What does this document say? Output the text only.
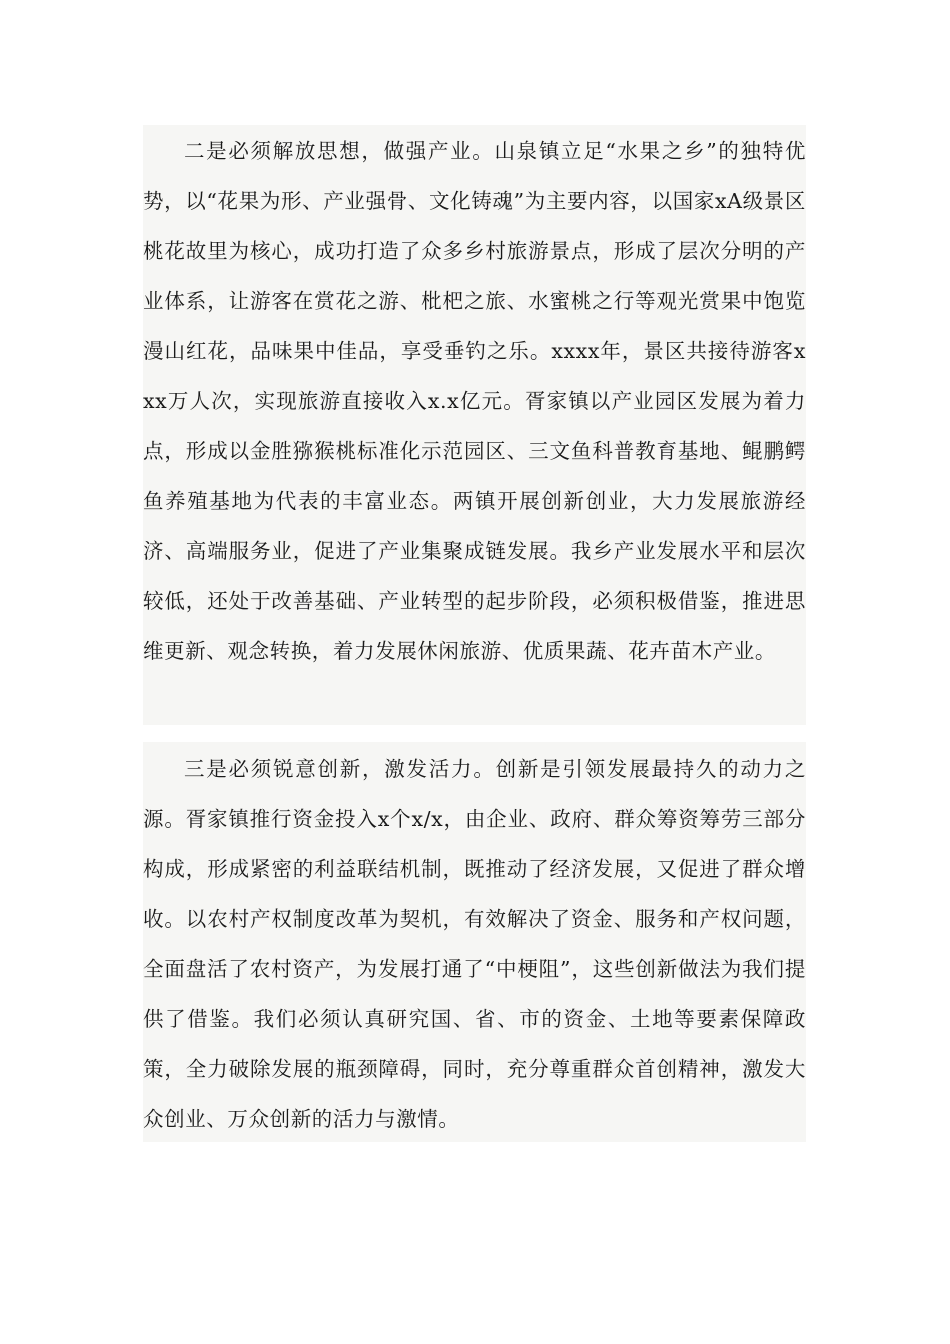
二是必须解放思想，做强产业。山泉镇立足“水果之乡”的独特优势，以“花果为形、产业强骨、文化铸魂”为主要内容，以国家xA级景区桃花故里为核心，成功打造了众多乡村旅游景点，形成了层次分明的产业体系，让游客在赏花之游、枇杷之旅、水蜜桃之行等观光赏果中饱览漫山红花，品味果中佳品，享受垂钓之乐。xxxx年，景区共接待游客xxx万人次，实现旅游直接收入x.x亿元。胥家镇以产业园区发展为着力点，形成以金胜猕猴桃标准化示范园区、三文鱼科普教育基地、鲲鹏鳄鱼养殖基地为代表的丰富业态。两镇开展创新创业，大力发展旅游经济、高端服务业，促进了产业集聚成链发展。我乡产业发展水平和层次较低，还处于改善基础、产业转型的起步阶段，必须积极借鉴，推进思维更新、观念转换，着力发展休闲旅游、优质果蔬、花卉苗木产业。

三是必须锐意创新，激发活力。创新是引领发展最持久的动力之源。胥家镇推行资金投入x个x/x，由企业、政府、群众筹资筹劳三部分构成，形成紧密的利益联结机制，既推动了经济发展，又促进了群众增收。以农村产权制度改革为契机，有效解决了资金、服务和产权问题，全面盘活了农村资产，为发展打通了“中梗阻”，这些创新做法为我们提供了借鉴。我们必须认真研究国、省、市的资金、土地等要素保障政策，全力破除发展的瓶颈障碍，同时，充分尊重群众首创精神，激发大众创业、万众创新的活力与激情。
